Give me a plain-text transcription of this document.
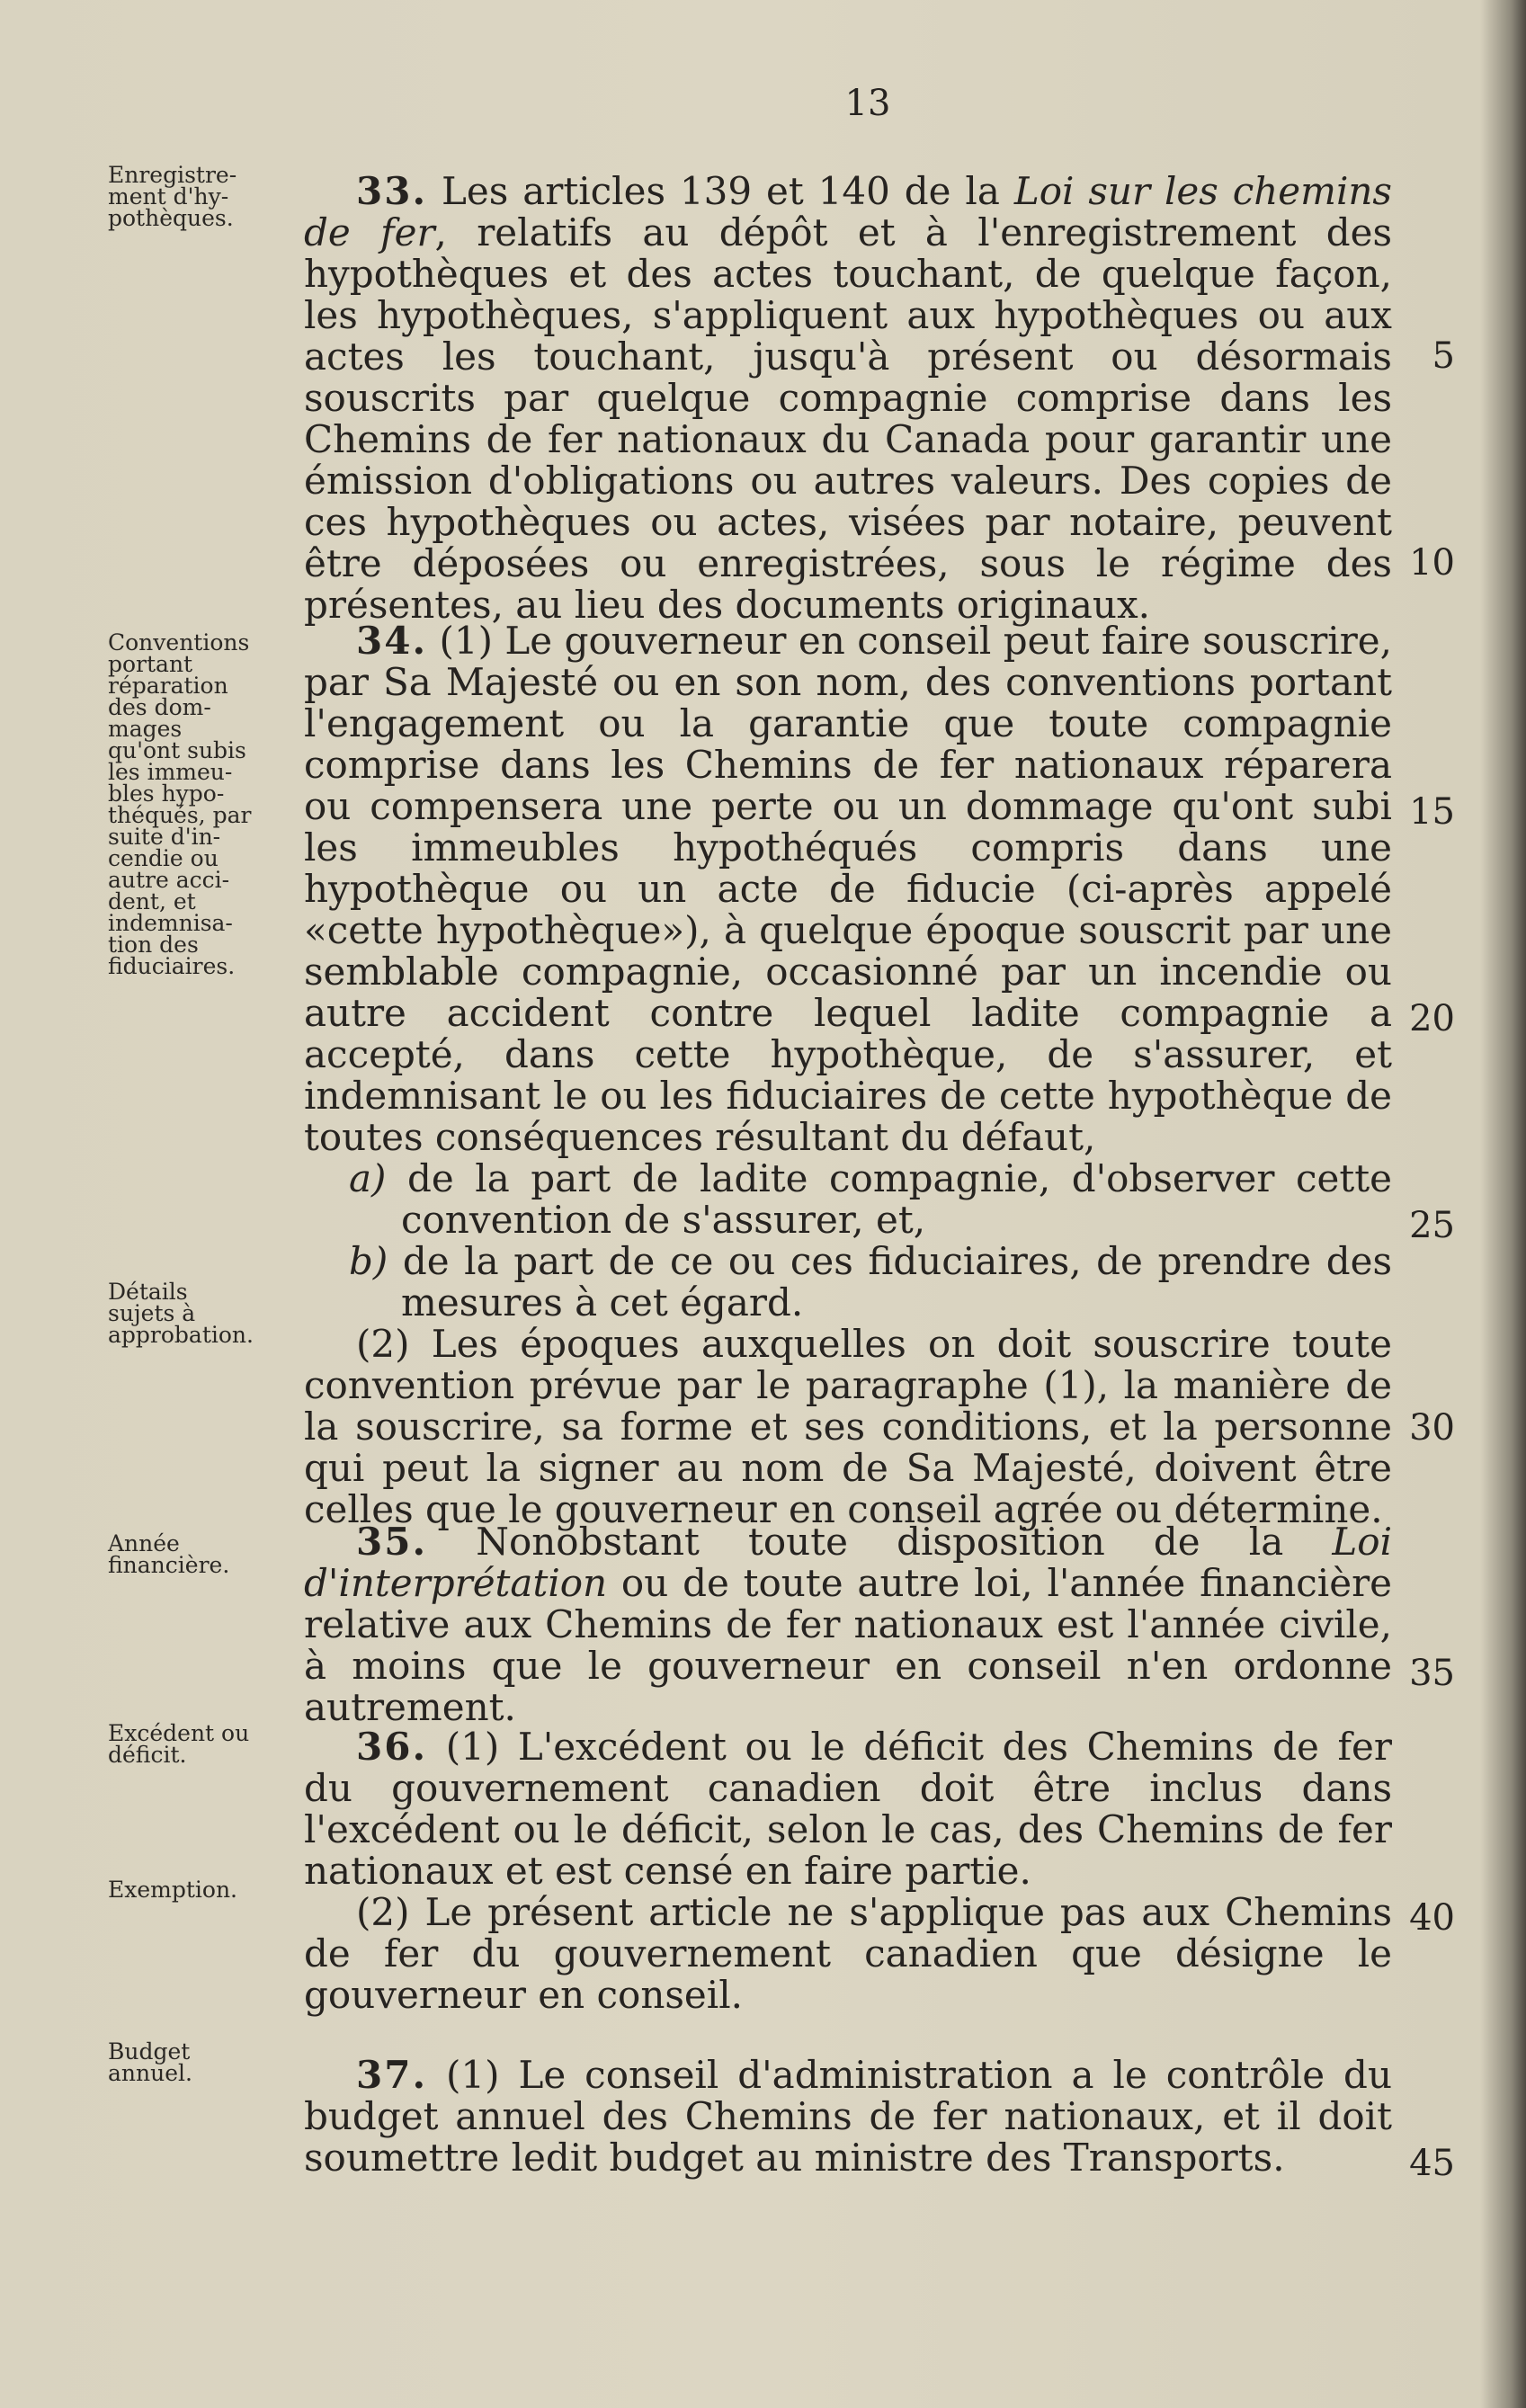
13
Enregistre-
ment d'hy-
pothèques.
Conventions
portant
réparation
des dom-
mages
qu'ont subis
les immeu-
bles hypo-
théqués, par
suite d'in-
cendie ou
autre acci-
dent, et
indemnisa-
tion des
fiduciaires.
Détails
sujets à
approbation.
Année
financière.
Excédent ou
déficit.
Exemption.
Budget
annuel.

33. Les articles 139 et 140 de la Loi sur les chemins de fer, relatifs au dépôt et à l'enregistrement des hypothèques et des actes touchant, de quelque façon, les hypothèques, s'appliquent aux hypothèques ou aux actes les touchant, jusqu'à présent ou désormais souscrits par quelque compagnie comprise dans les Chemins de fer nationaux du Canada pour garantir une émission d'obligations ou autres valeurs. Des copies de ces hypothèques ou actes, visées par notaire, peuvent être déposées ou enregistrées, sous le régime des présentes, au lieu des documents originaux.

34. (1) Le gouverneur en conseil peut faire souscrire, par Sa Majesté ou en son nom, des conventions portant l'engagement ou la garantie que toute compagnie comprise dans les Chemins de fer nationaux réparera ou compensera une perte ou un dommage qu'ont subi les immeubles hypothéqués compris dans une hypothèque ou un acte de fiducie (ci-après appelé «cette hypothèque»), à quelque époque souscrit par une semblable compagnie, occasionné par un incendie ou autre accident contre lequel ladite compagnie a accepté, dans cette hypothèque, de s'assurer, et indemnisant le ou les fiduciaires de cette hypothèque de toutes conséquences résultant du défaut,

a) de la part de ladite compagnie, d'observer cette convention de s'assurer, et,

b) de la part de ce ou ces fiduciaires, de prendre des mesures à cet égard.

(2) Les époques auxquelles on doit souscrire toute convention prévue par le paragraphe (1), la manière de la souscrire, sa forme et ses conditions, et la personne qui peut la signer au nom de Sa Majesté, doivent être celles que le gouverneur en conseil agrée ou détermine.

35. Nonobstant toute disposition de la Loi d'interprétation ou de toute autre loi, l'année financière relative aux Chemins de fer nationaux est l'année civile, à moins que le gouverneur en conseil n'en ordonne autrement.

36. (1) L'excédent ou le déficit des Chemins de fer du gouvernement canadien doit être inclus dans l'excédent ou le déficit, selon le cas, des Chemins de fer nationaux et est censé en faire partie.

(2) Le présent article ne s'applique pas aux Chemins de fer du gouvernement canadien que désigne le gouverneur en conseil.

37. (1) Le conseil d'administration a le contrôle du budget annuel des Chemins de fer nationaux, et il doit soumettre ledit budget au ministre des Transports.

5
10
15
20
25
30
35
40
45
